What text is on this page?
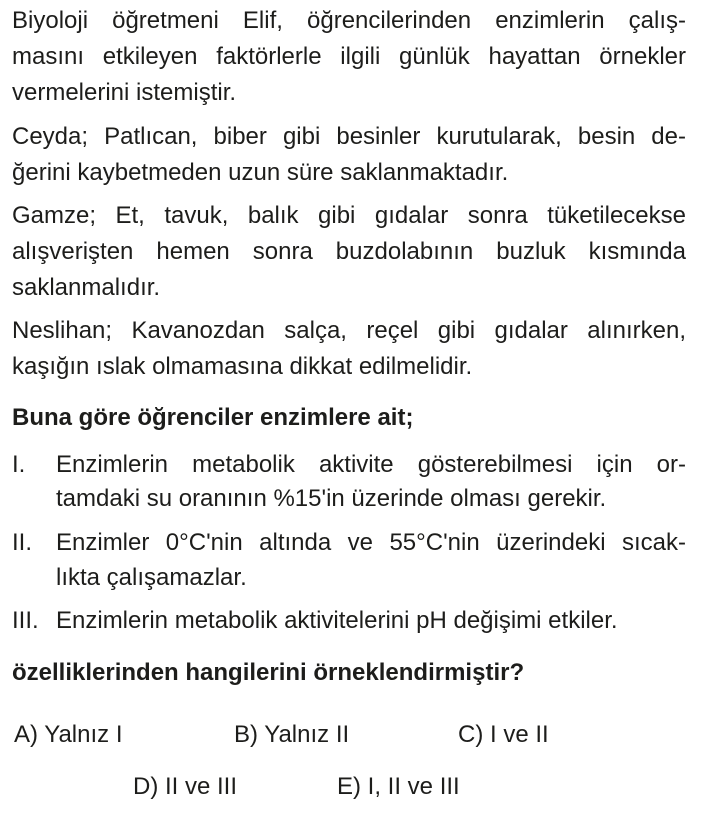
Biyoloji öğretmeni Elif, öğrencilerinden enzimlerin çalış-
masını etkileyen faktörlerle ilgili günlük hayattan örnekler
vermelerini istemiştir.
Ceyda; Patlıcan, biber gibi besinler kurutularak, besin de-
ğerini kaybetmeden uzun süre saklanmaktadır.
Gamze; Et, tavuk, balık gibi gıdalar sonra tüketilecekse
alışverişten hemen sonra buzdolabının buzluk kısmında
saklanmalıdır.
Neslihan; Kavanozdan salça, reçel gibi gıdalar alınırken,
kaşığın ıslak olmamasına dikkat edilmelidir.
Buna göre öğrenciler enzimlere ait;
I. Enzimlerin metabolik aktivite gösterebilmesi için or-
tamdaki su oranının %15'in üzerinde olması gerekir.
II. Enzimler 0°C'nin altında ve 55°C'nin üzerindeki sıcak-
lıkta çalışamazlar.
III. Enzimlerin metabolik aktivitelerini pH değişimi etkiler.
özelliklerinden hangilerini örneklendirmiştir?
A) Yalnız I	B) Yalnız II	C) I ve II
D) II ve III	E) I, II ve III
